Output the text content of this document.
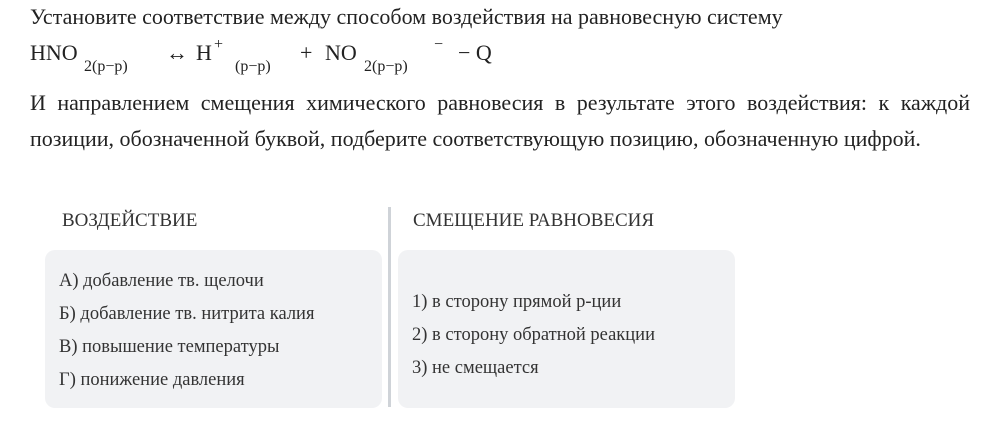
Установите соответствие между способом воздействия на равновесную систему
HNO
2(р−р)
↔ H +
(р−р)
+ NO
2(р−р)
− − Q
И направлением смещения химического равновесия в результате этого воздействия: к каждой позиции, обозначенной буквой, подберите соответствующую позицию, обозначенную цифрой.
ВОЗДЕЙСТВИЕ	СМЕЩЕНИЕ РАВНОВЕСИЯ
А) добавление тв. щелочи
Б) добавление тв. нитрита калия
В) повышение температуры
Г) понижение давления
1) в сторону прямой р-ции
2) в сторону обратной реакции
3) не смещается
